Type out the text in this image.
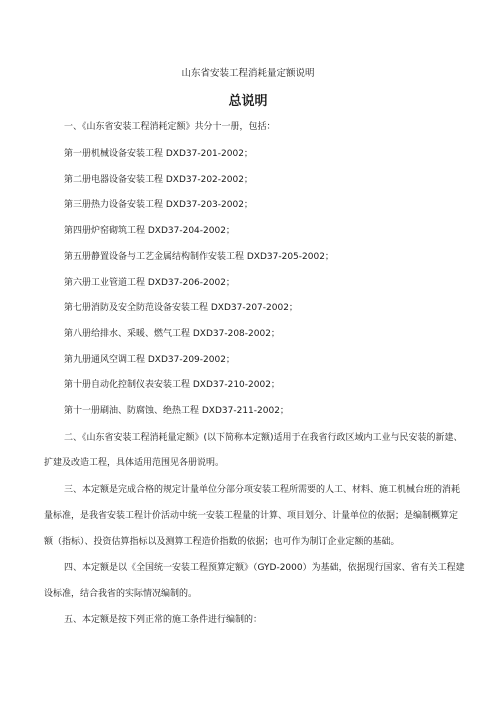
山东省安装工程消耗量定额说明
总说明
一、《山东省安装工程消耗定额》共分十一册，包括：
第一册机械设备安装工程 DXD37-201-2002；
第二册电器设备安装工程 DXD37-202-2002；
第三册热力设备安装工程 DXD37-203-2002；
第四册炉窑砌筑工程 DXD37-204-2002；
第五册静置设备与工艺金属结构制作安装工程 DXD37-205-2002；
第六册工业管道工程 DXD37-206-2002；
第七册消防及安全防范设备安装工程 DXD37-207-2002；
第八册给排水、采暖、燃气工程 DXD37-208-2002；
第九册通风空调工程 DXD37-209-2002；
第十册自动化控制仪表安装工程 DXD37-210-2002；
第十一册刷油、防腐蚀、绝热工程 DXD37-211-2002；
二、《山东省安装工程消耗量定额》(以下简称本定额)适用于在我省行政区域内工业与民安装的新建、
扩建及改造工程，具体适用范围见各册说明。
三、本定额是完成合格的规定计量单位分部分项安装工程所需要的人工、材料、施工机械台班的消耗
量标准，是我省安装工程计价活动中统一安装工程量的计算、项目划分、计量单位的依据；是编制概算定
额（指标）、投资估算指标以及测算工程造价指数的依据；也可作为制订企业定额的基础。
四、本定额是以《全国统一安装工程预算定额》（GYD-2000）为基础，依据现行国家、省有关工程建
设标准，结合我省的实际情况编制的。
五、本定额是按下列正常的施工条件进行编制的：
